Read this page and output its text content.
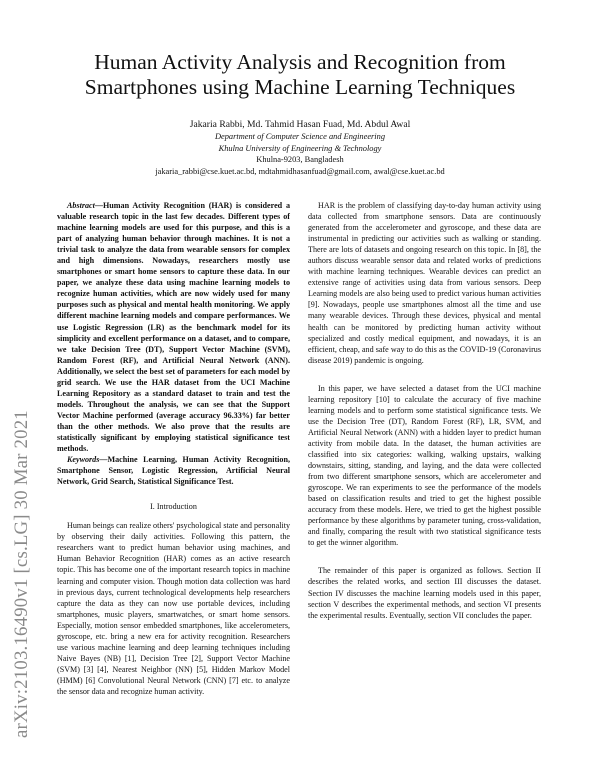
Human Activity Analysis and Recognition from
Smartphones using Machine Learning Techniques
Jakaria Rabbi, Md. Tahmid Hasan Fuad, Md. Abdul Awal
Department of Computer Science and Engineering
Khulna University of Engineering & Technology
Khulna-9203, Bangladesh
jakaria_rabbi@cse.kuet.ac.bd, mdtahmidhasanfuad@gmail.com, awal@cse.kuet.ac.bd
arXiv:2103.16490v1 [cs.LG] 30 Mar 2021

Abstract—Human Activity Recognition (HAR) is considered a valuable research topic in the last few decades. Different types of machine learning models are used for this purpose, and this is a part of analyzing human behavior through machines. It is not a trivial task to analyze the data from wearable sensors for complex and high dimensions. Nowadays, researchers mostly use smartphones or smart home sensors to capture these data. In our paper, we analyze these data using machine learning models to recognize human activities, which are now widely used for many purposes such as physical and mental health monitoring. We apply different machine learning models and compare performances. We use Logistic Regression (LR) as the benchmark model for its simplicity and excellent performance on a dataset, and to compare, we take Decision Tree (DT), Support Vector Machine (SVM), Random Forest (RF), and Artificial Neural Network (ANN). Additionally, we select the best set of parameters for each model by grid search. We use the HAR dataset from the UCI Machine Learning Repository as a standard dataset to train and test the models. Throughout the analysis, we can see that the Support Vector Machine performed (average accuracy 96.33%) far better than the other methods. We also prove that the results are statistically significant by employing statistical significance test methods.

Keywords—Machine Learning, Human Activity Recognition, Smartphone Sensor, Logistic Regression, Artificial Neural Network, Grid Search, Statistical Significance Test.

I. Introduction

Human beings can realize others' psychological state and personality by observing their daily activities. Following this pattern, the researchers want to predict human behavior using machines, and Human Behavior Recognition (HAR) comes as an active research topic. This has become one of the important research topics in machine learning and computer vision. Though motion data collection was hard in previous days, current technological developments help researchers capture the data as they can now use portable devices, including smartphones, music players, smartwatches, or smart home sensors. Especially, motion sensor embedded smartphones, like accelerometers, gyroscope, etc. bring a new era for activity recognition. Researchers use various machine learning and deep learning techniques including Naive Bayes (NB) [1], Decision Tree [2], Support Vector Machine (SVM) [3] [4], Nearest Neighbor (NN) [5], Hidden Markov Model (HMM) [6] Convolutional Neural Network (CNN) [7] etc. to analyze the sensor data and recognize human activity.

HAR is the problem of classifying day-to-day human activity using data collected from smartphone sensors. Data are continuously generated from the accelerometer and gyroscope, and these data are instrumental in predicting our activities such as walking or standing. There are lots of datasets and ongoing research on this topic. In [8], the authors discuss wearable sensor data and related works of predictions with machine learning techniques. Wearable devices can predict an extensive range of activities using data from various sensors. Deep Learning models are also being used to predict various human activities [9]. Nowadays, people use smartphones almost all the time and use many wearable devices. Through these devices, physical and mental health can be monitored by predicting human activity without specialized and costly medical equipment, and nowadays, it is an efficient, cheap, and safe way to do this as the COVID-19 (Coronavirus disease 2019) pandemic is ongoing.

In this paper, we have selected a dataset from the UCI machine learning repository [10] to calculate the accuracy of five machine learning models and to perform some statistical significance tests. We use the Decision Tree (DT), Random Forest (RF), LR, SVM, and Artificial Neural Network (ANN) with a hidden layer to predict human activity from mobile data. In the dataset, the human activities are classified into six categories: walking, walking upstairs, walking downstairs, sitting, standing, and laying, and the data were collected from two different smartphone sensors, which are accelerometer and gyroscope. We ran experiments to see the performance of the models based on classification results and tried to get the highest possible accuracy from these models. Here, we tried to get the highest possible performance by these algorithms by parameter tuning, cross-validation, and finally, comparing the result with two statistical significance tests to get the winner algorithm.

The remainder of this paper is organized as follows. Section II describes the related works, and section III discusses the dataset. Section IV discusses the machine learning models used in this paper, section V describes the experimental methods, and section VI presents the experimental results. Eventually, section VII concludes the paper.
